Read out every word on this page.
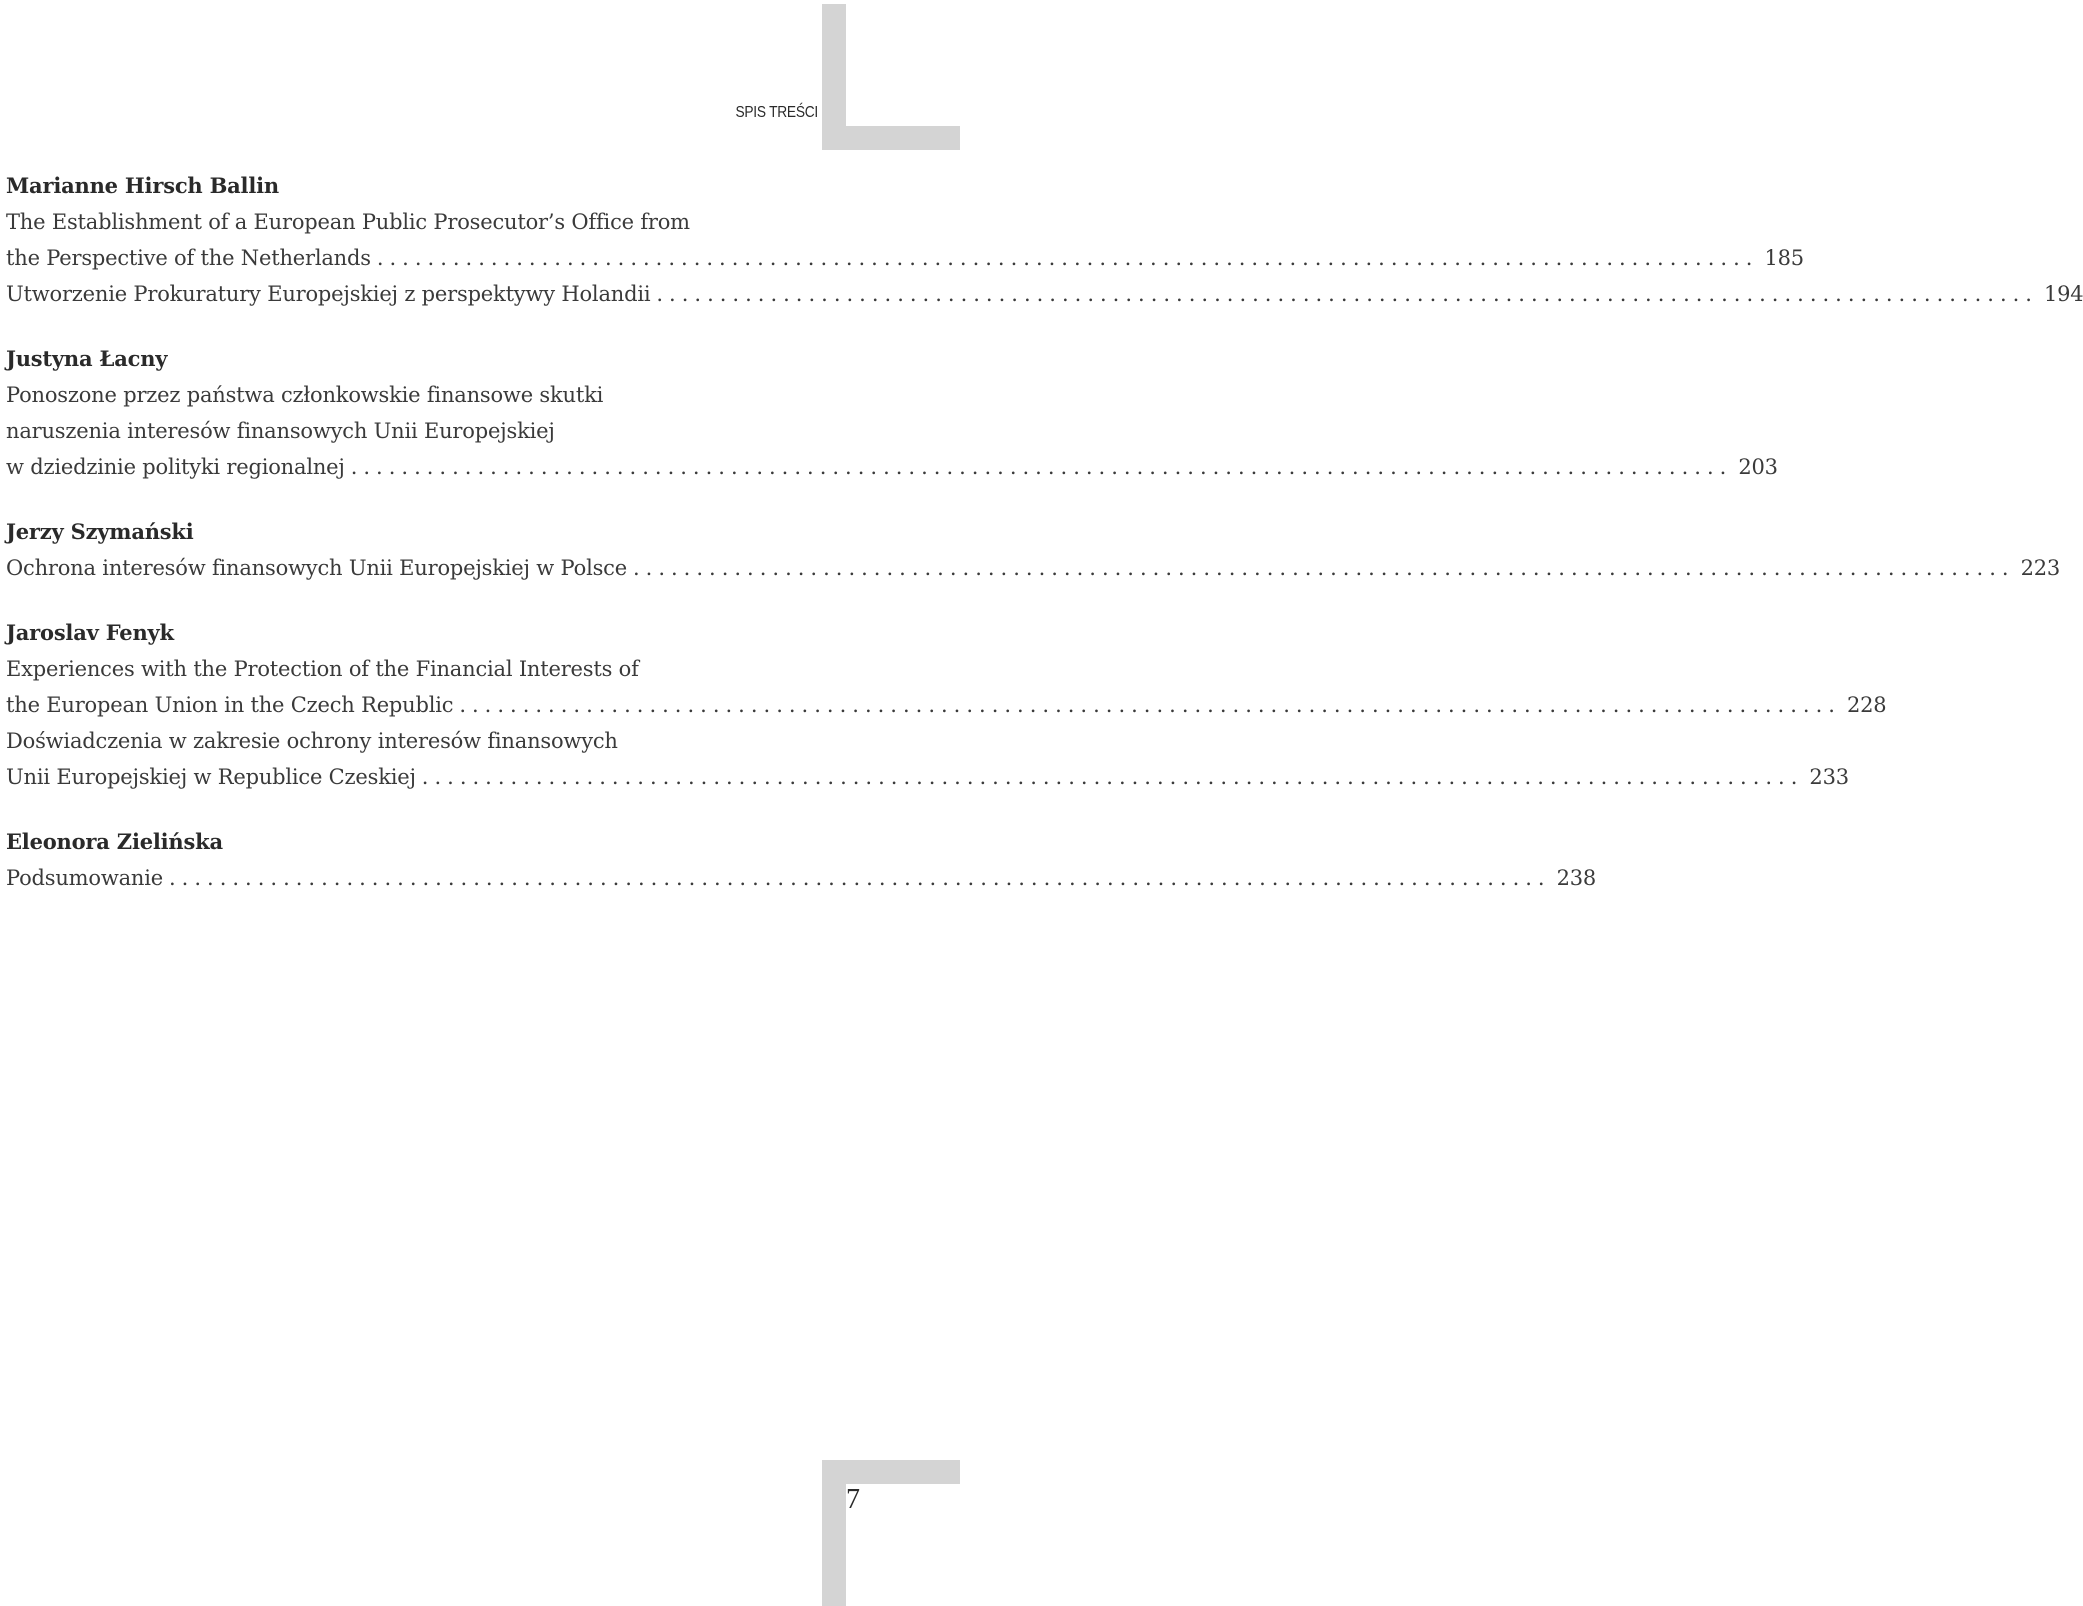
SPIS TREŚCI
Marianne Hirsch Ballin
The Establishment of a European Public Prosecutor’s Office from
the Perspective of the Netherlands ............................................................................................................. 185
Utworzenie Prokuratury Europejskiej z perspektywy Holandii ............................................................................................................. 194
Justyna Łacny
Ponoszone przez państwa członkowskie finansowe skutki
naruszenia interesów finansowych Unii Europejskiej
w dziedzinie polityki regionalnej ............................................................................................................. 203
Jerzy Szymański
Ochrona interesów finansowych Unii Europejskiej w Polsce ............................................................................................................. 223
Jaroslav Fenyk
Experiences with the Protection of the Financial Interests of
the European Union in the Czech Republic ............................................................................................................. 228
Doświadczenia w zakresie ochrony interesów finansowych
Unii Europejskiej w Republice Czeskiej ............................................................................................................. 233
Eleonora Zielińska
Podsumowanie ............................................................................................................. 238
7
